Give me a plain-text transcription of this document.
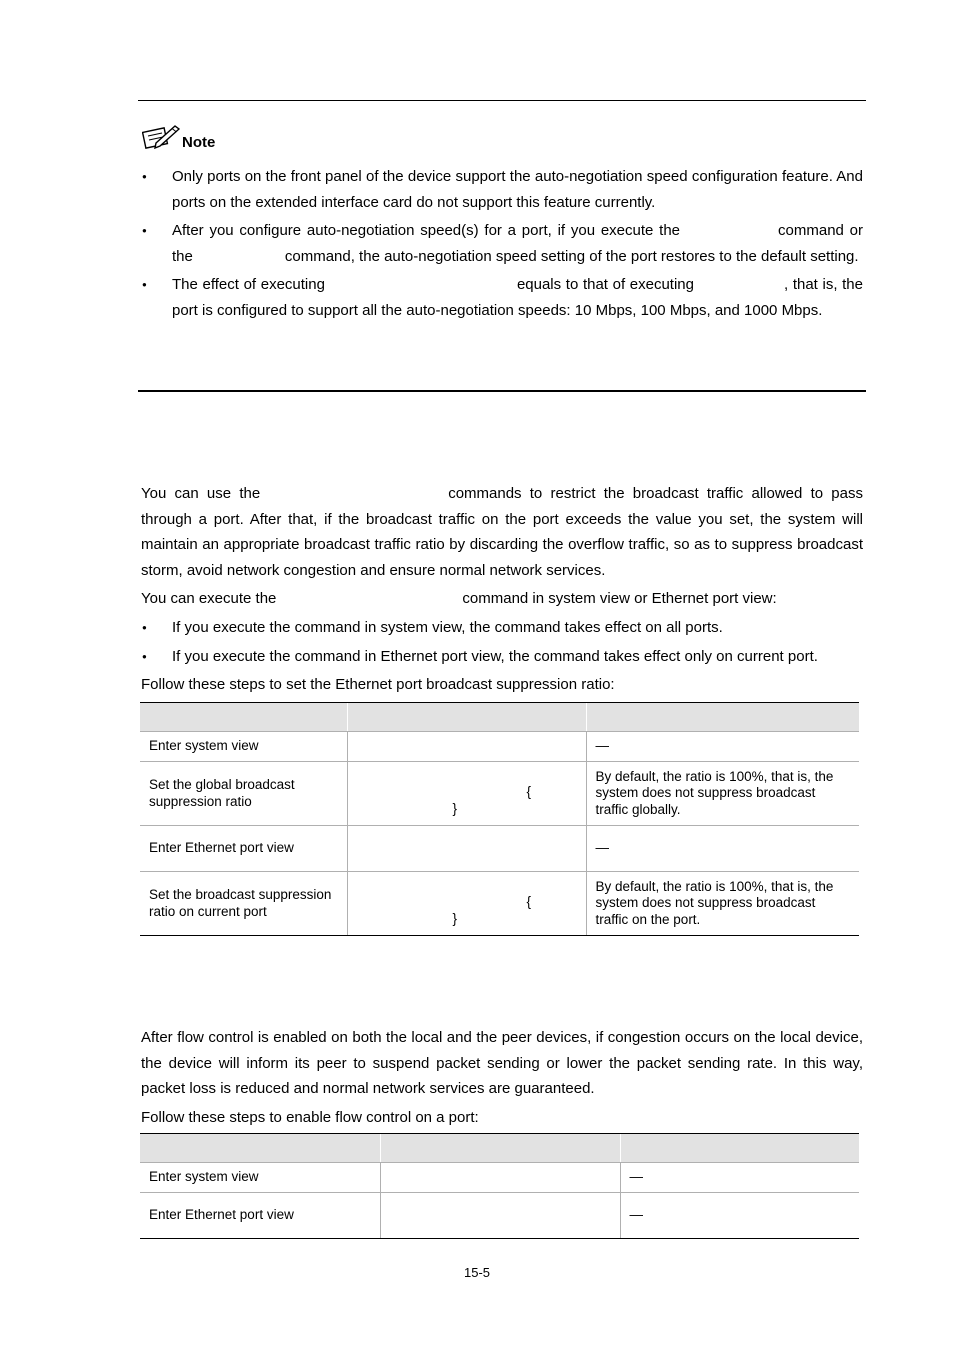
Note
● Only ports on the front panel of the device support the auto-negotiation speed configuration feature. And ports on the extended interface card do not support this feature currently.
● After you configure auto-negotiation speed(s) for a port, if you execute the	command or the	command, the auto-negotiation speed setting of the port restores to the default setting.
● The effect of executing	equals to that of executing	, that is, the port is configured to support all the auto-negotiation speeds: 10 Mbps, 100 Mbps, and 1000 Mbps.

You can use the	commands to restrict the broadcast traffic allowed to pass through a port. After that, if the broadcast traffic on the port exceeds the value you set, the system will maintain an appropriate broadcast traffic ratio by discarding the overflow traffic, so as to suppress broadcast storm, avoid network congestion and ensure normal network services.

You can execute the	command in system view or Ethernet port view:

● If you execute the command in system view, the command takes effect on all ports.
● If you execute the command in Ethernet port view, the command takes effect only on current port.

Follow these steps to set the Ethernet port broadcast suppression ratio:

Enter system view		—
Set the global broadcast suppression ratio	{
}	By default, the ratio is 100%, that is, the system does not suppress broadcast traffic globally.
Enter Ethernet port view		—
Set the broadcast suppression ratio on current port	{
}	By default, the ratio is 100%, that is, the system does not suppress broadcast traffic on the port.

After flow control is enabled on both the local and the peer devices, if congestion occurs on the local device, the device will inform its peer to suspend packet sending or lower the packet sending rate. In this way, packet loss is reduced and normal network services are guaranteed.

Follow these steps to enable flow control on a port:

Enter system view		—
Enter Ethernet port view		—
15-5
